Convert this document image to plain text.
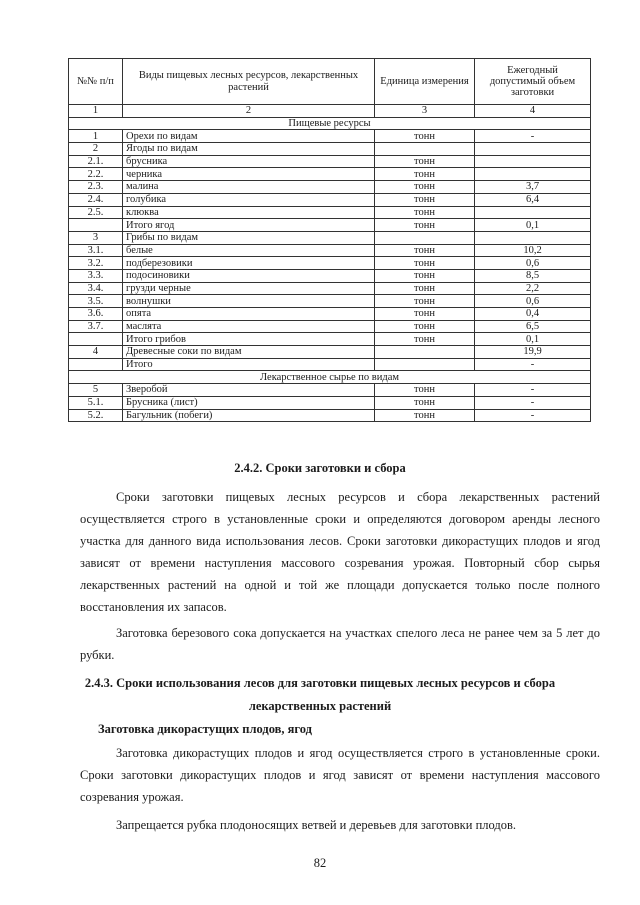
№№ п/п	Виды пищевых лесных ресурсов, лекарственных растений	Единица измерения	Ежегодный допустимый объем заготовки
1	2	3	4
Пищевые ресурсы			
1	Орехи по видам	тонн	-
2	Ягоды по видам		
2.1.	брусника	тонн	
2.2.	черника	тонн	
2.3.	малина	тонн	3,7
2.4.	голубика	тонн	6,4
2.5.	клюква	тонн	
	Итого ягод	тонн	0,1
3	Грибы по видам		
3.1.	белые	тонн	10,2
3.2.	подберезовики	тонн	0,6
3.3.	подосиновики	тонн	8,5
3.4.	грузди черные	тонн	2,2
3.5.	волнушки	тонн	0,6
3.6.	опята	тонн	0,4
3.7.	маслята	тонн	6,5
	Итого грибов	тонн	0,1
4	Древесные соки по видам		19,9
	Итого		-
Лекарственное сырье по видам			
5	Зверобой	тонн	-
5.1.	Брусника (лист)	тонн	-
5.2.	Багульник (побеги)	тонн	-
2.4.2. Сроки заготовки и сбора

Сроки заготовки пищевых лесных ресурсов и сбора лекарственных растений осуществляется строго в установленные сроки и определяются договором аренды лесного участка для данного вида использования лесов. Сроки заготовки дикорастущих плодов и ягод зависят от времени наступления массового созревания урожая. Повторный сбор сырья лекарственных растений на одной и той же площади допускается только после полного восстановления их запасов.

Заготовка березового сока допускается на участках спелого леса не ранее чем за 5 лет до рубки.

2.4.3. Сроки использования лесов для заготовки пищевых лесных ресурсов и сбора
лекарственных растений
Заготовка дикорастущих плодов, ягод

Заготовка дикорастущих плодов и ягод осуществляется строго в установленные сроки. Сроки заготовки дикорастущих плодов и ягод зависят от времени наступления массового созревания урожая.

Запрещается рубка плодоносящих ветвей и деревьев для заготовки плодов.

82
